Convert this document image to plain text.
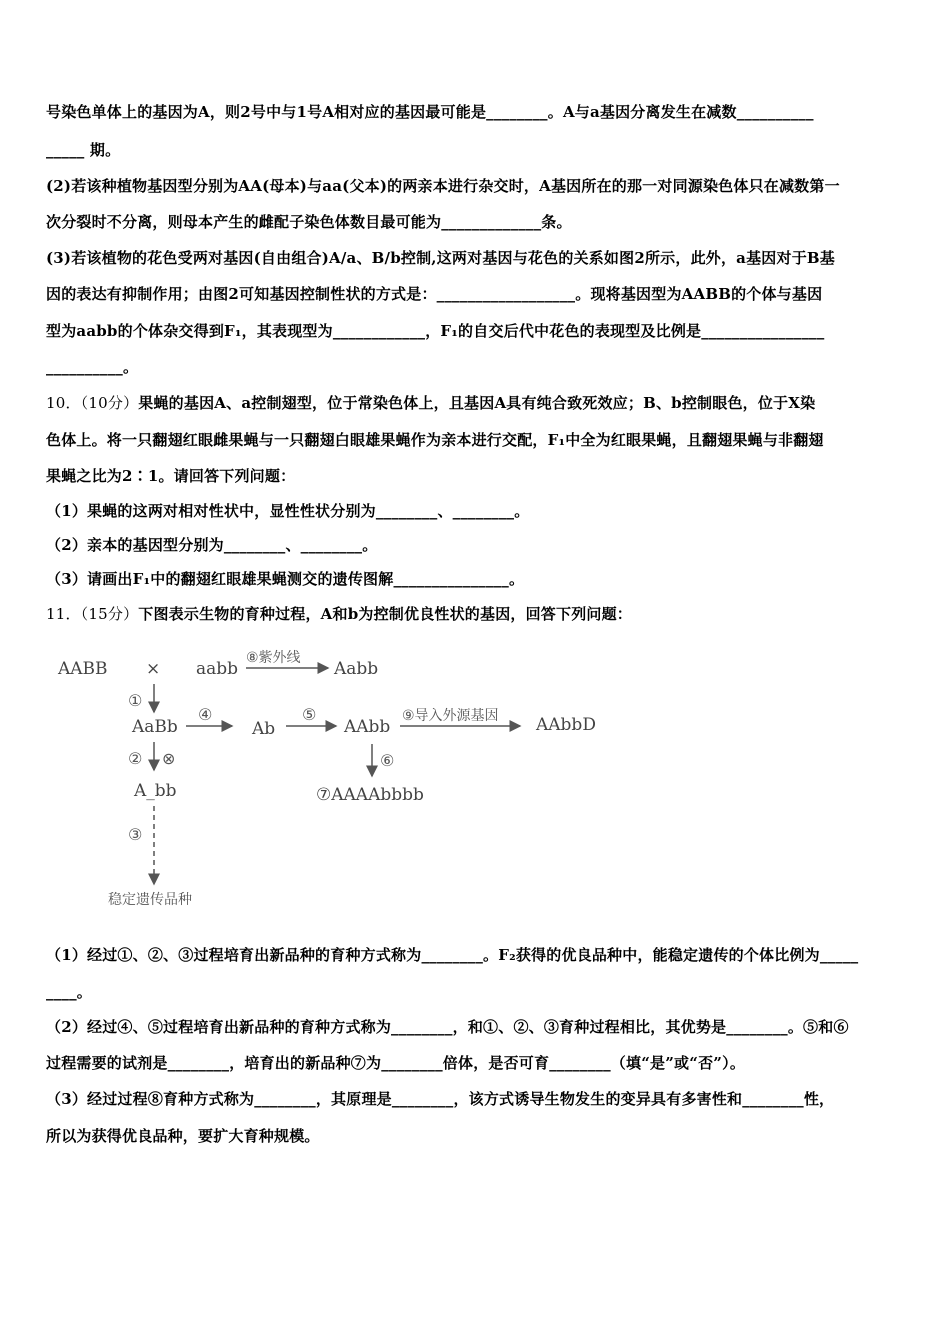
号染色单体上的基因为A，则2号中与1号A相对应的基因最可能是________。A与a基因分离发生在减数__________
_____ 期。
(2)若该种植物基因型分别为AA(母本)与aa(父本)的两亲本进行杂交时，A基因所在的那一对同源染色体只在减数第一
次分裂时不分离，则母本产生的雌配子染色体数目最可能为_____________条。
(3)若该植物的花色受两对基因(自由组合)A/a、B/b控制,这两对基因与花色的关系如图2所示，此外，a基因对于B基
因的表达有抑制作用；由图2可知基因控制性状的方式是：__________________。现将基因型为AABB的个体与基因
型为aabb的个体杂交得到F₁，其表现型为____________，F₁的自交后代中花色的表现型及比例是________________
__________。
10．（10分）果蝇的基因A、a控制翅型，位于常染色体上，且基因A具有纯合致死效应；B、b控制眼色，位于X染
色体上。将一只翻翅红眼雌果蝇与一只翻翅白眼雄果蝇作为亲本进行交配，F₁中全为红眼果蝇，且翻翅果蝇与非翻翅
果蝇之比为2∶1。请回答下列问题：
（1）果蝇的这两对相对性状中，显性性状分别为________、________。
（2）亲本的基因型分别为________、________。
（3）请画出F₁中的翻翅红眼雄果蝇测交的遗传图解_______________。
11．（15分）下图表示生物的育种过程，A和b为控制优良性状的基因，回答下列问题：
AABB × aabb
⑧紫外线
Aabb
①
AaBb
④
Ab
⑤
AAbb
⑨导入外源基因 AAbbD
② ⊗	⑥
A_bb	⑦AAAAbbbb
③
稳定遗传品种
（1）经过①、②、③过程培育出新品种的育种方式称为________。F₂获得的优良品种中，能稳定遗传的个体比例为_____
____。
（2）经过④、⑤过程培育出新品种的育种方式称为________，和①、②、③育种过程相比，其优势是________。⑤和⑥
过程需要的试剂是________，培育出的新品种⑦为________倍体，是否可育________（填“是”或“否”）。
（3）经过过程⑧育种方式称为________，其原理是________，该方式诱导生物发生的变异具有多害性和________性，
所以为获得优良品种，要扩大育种规模。
